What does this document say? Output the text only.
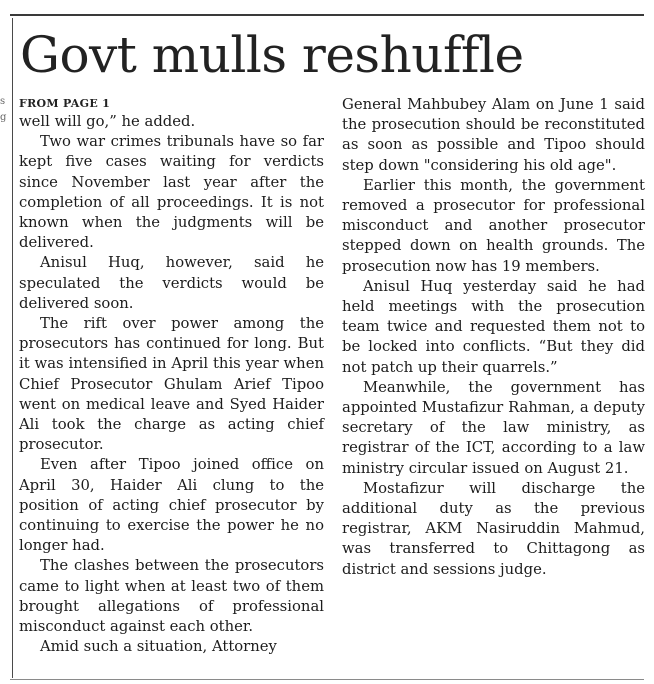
s
g
Govt mulls reshuffle
FROM PAGE 1

well will go,” he added.

Two war crimes tribunals have so far kept five cases waiting for verdicts since November last year after the completion of all proceedings. It is not known when the judgments will be delivered.

Anisul Huq, however, said he speculated the verdicts would be delivered soon.

The rift over power among the prosecutors has continued for long. But it was intensified in April this year when Chief Prosecutor Ghulam Arief Tipoo went on medical leave and Syed Haider Ali took the charge as acting chief prosecutor.

Even after Tipoo joined office on April 30, Haider Ali clung to the position of acting chief prosecutor by continuing to exercise the power he no longer had.

The clashes between the prosecutors came to light when at least two of them brought allegations of professional misconduct against each other.

Amid such a situation, Attorney

General Mahbubey Alam on June 1 said the prosecution should be reconstituted as soon as possible and Tipoo should step down "considering his old age".

Earlier this month, the government removed a prosecutor for professional misconduct and another prosecutor stepped down on health grounds. The prosecution now has 19 members.

Anisul Huq yesterday said he had held meetings with the prosecution team twice and requested them not to be locked into conflicts. “But they did not patch up their quarrels.”

Meanwhile, the government has appointed Mustafizur Rahman, a deputy secretary of the law ministry, as registrar of the ICT, according to a law ministry circular issued on August 21.

Mostafizur will discharge the additional duty as the previous registrar, AKM Nasiruddin Mahmud, was transferred to Chittagong as district and sessions judge.
